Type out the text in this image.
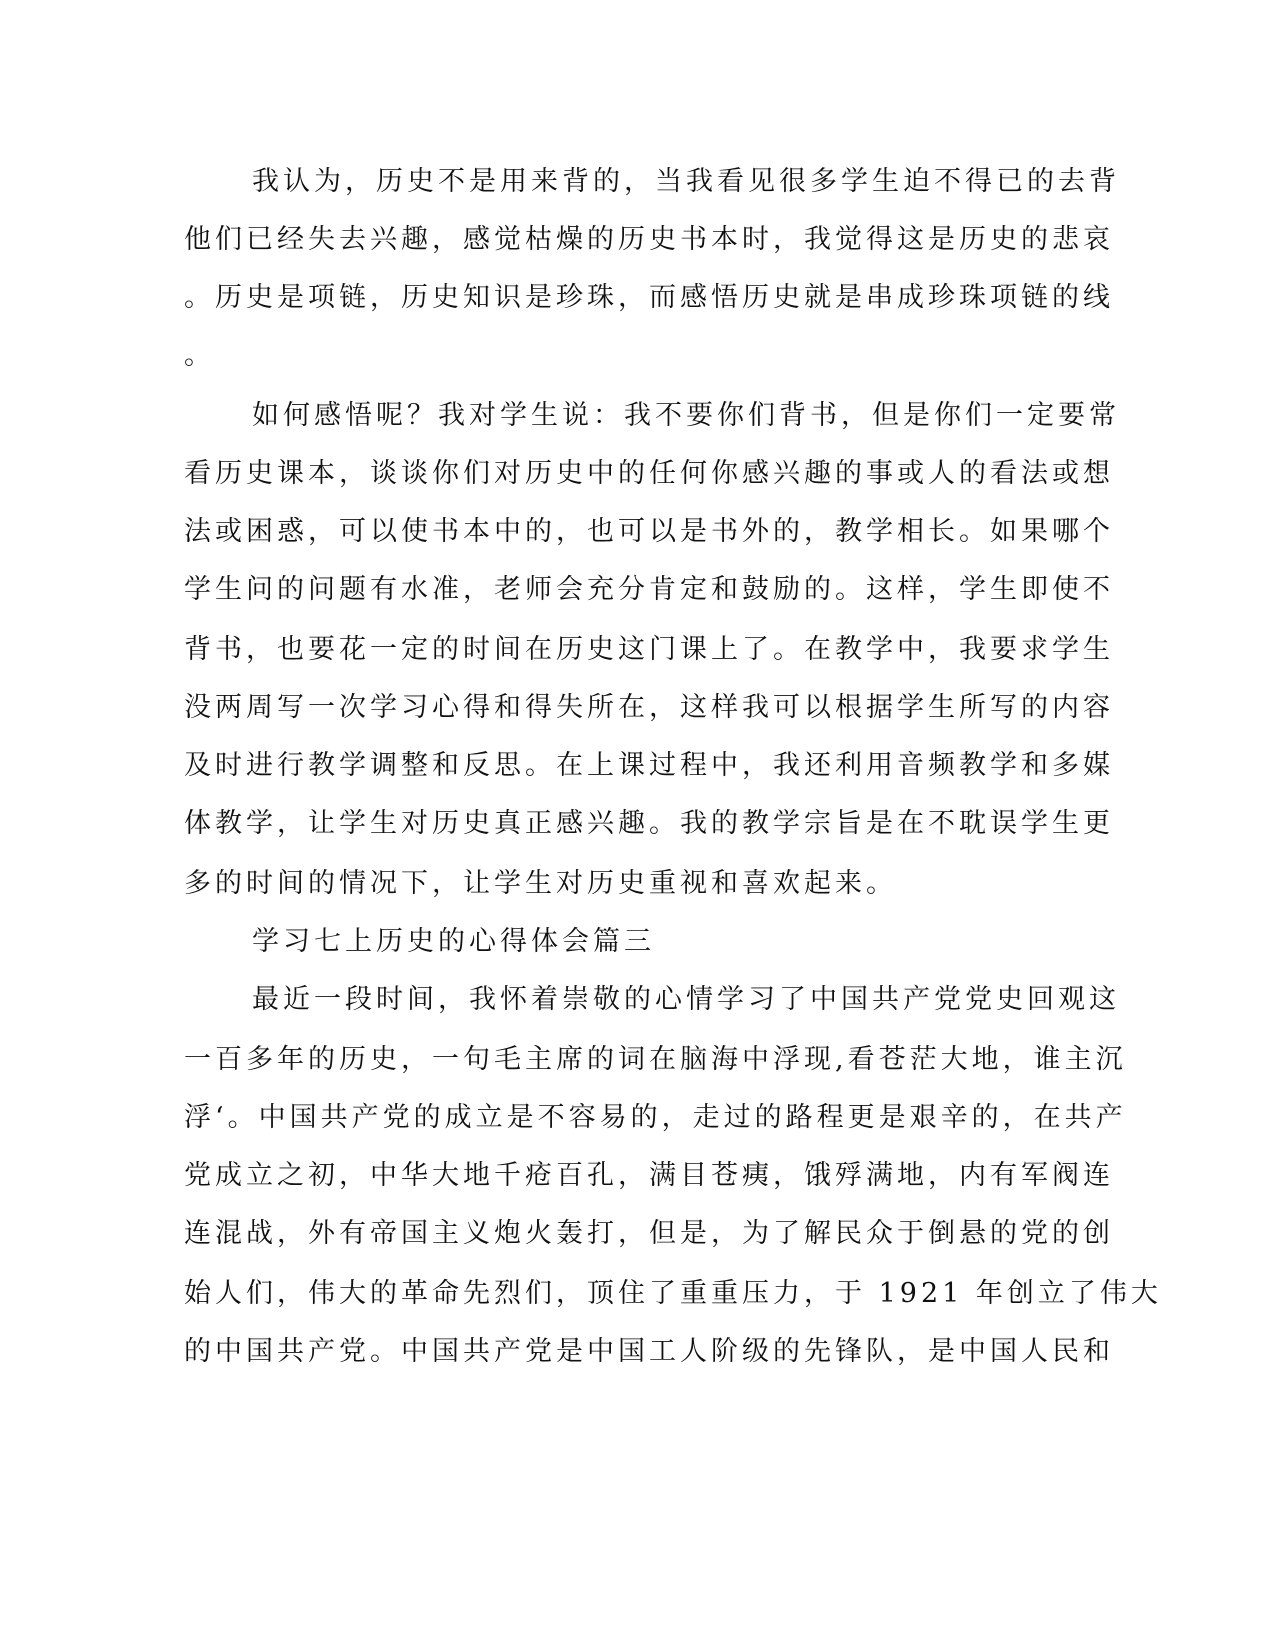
我认为，历史不是用来背的，当我看见很多学生迫不得已的去背
他们已经失去兴趣，感觉枯燥的历史书本时，我觉得这是历史的悲哀
。历史是项链，历史知识是珍珠，而感悟历史就是串成珍珠项链的线
。
如何感悟呢？我对学生说：我不要你们背书，但是你们一定要常
看历史课本，谈谈你们对历史中的任何你感兴趣的事或人的看法或想
法或困惑，可以使书本中的，也可以是书外的，教学相长。如果哪个
学生问的问题有水准，老师会充分肯定和鼓励的。这样，学生即使不
背书，也要花一定的时间在历史这门课上了。在教学中，我要求学生
没两周写一次学习心得和得失所在，这样我可以根据学生所写的内容
及时进行教学调整和反思。在上课过程中，我还利用音频教学和多媒
体教学，让学生对历史真正感兴趣。我的教学宗旨是在不耽误学生更
多的时间的情况下，让学生对历史重视和喜欢起来。
学习七上历史的心得体会篇三
最近一段时间，我怀着崇敬的心情学习了中国共产党党史回观这
一百多年的历史，一句毛主席的词在脑海中浮现,看苍茫大地，谁主沉
浮‘。中国共产党的成立是不容易的，走过的路程更是艰辛的，在共产
党成立之初，中华大地千疮百孔，满目苍痍，饿殍满地，内有军阀连
连混战，外有帝国主义炮火轰打，但是，为了解民众于倒悬的党的创
始人们，伟大的革命先烈们，顶住了重重压力，于 1921 年创立了伟大
的中国共产党。中国共产党是中国工人阶级的先锋队，是中国人民和
